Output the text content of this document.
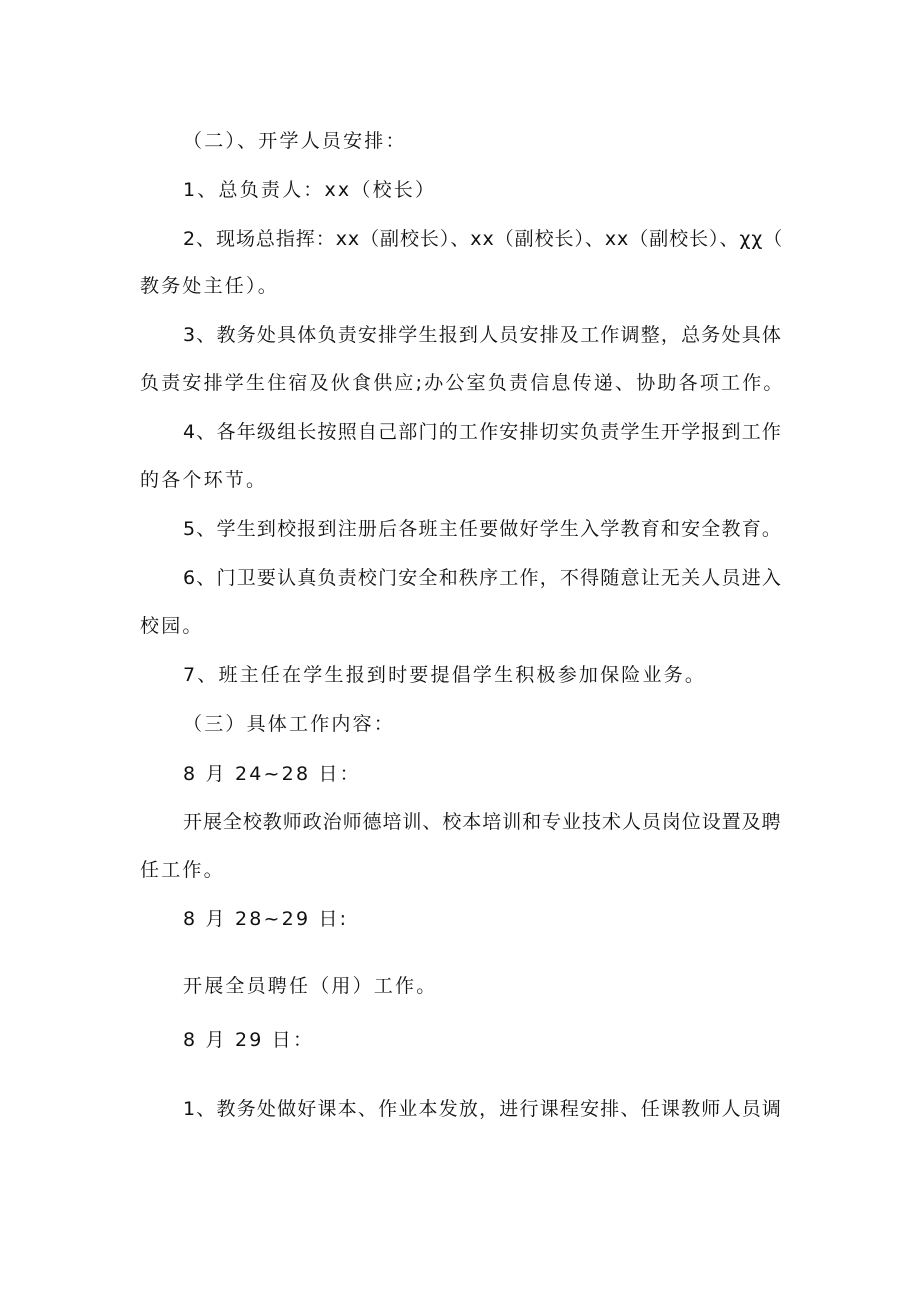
（二）、开学人员安排：

1、总负责人：xx（校长）

2、现场总指挥：xx（副校长）、xx（副校长）、xx（副校长）、χχ（

教务处主任）。

3、教务处具体负责安排学生报到人员安排及工作调整，总务处具体

负责安排学生住宿及伙食供应;办公室负责信息传递、协助各项工作。

4、各年级组长按照自己部门的工作安排切实负责学生开学报到工作

的各个环节。

5、学生到校报到注册后各班主任要做好学生入学教育和安全教育。

6、门卫要认真负责校门安全和秩序工作，不得随意让无关人员进入

校园。

7、班主任在学生报到时要提倡学生积极参加保险业务。

（三）具体工作内容：

8 月 24~28 日：

开展全校教师政治师德培训、校本培训和专业技术人员岗位设置及聘

任工作。

8 月 28~29 日:

开展全员聘任（用）工作。

8 月 29 日：

1、教务处做好课本、作业本发放，进行课程安排、任课教师人员调
